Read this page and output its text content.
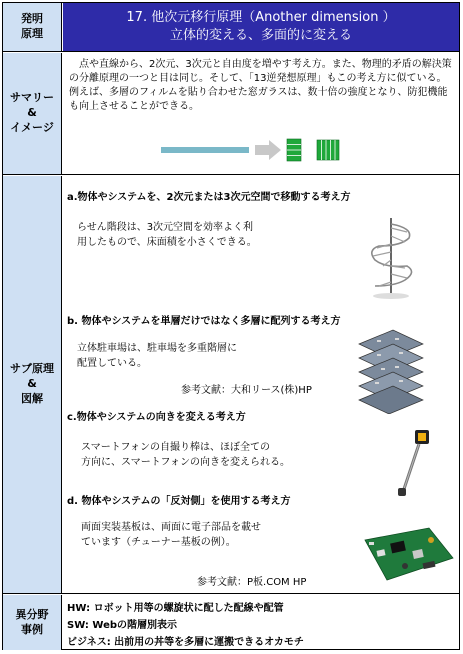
発明
原理
17. 他次元移行原理（Another dimension ）
立体的変える、多面的に変える
サマリー
&
イメージ
点や直線から、2次元、3次元と自由度を増やす考え方。また、物理的矛盾の解決策の分離原理の一つと目は同じ。そして、「13逆発想原理」もこの考え方に似ている。例えば、多層のフィルムを貼り合わせた窓ガラスは、数十倍の強度となり、防犯機能も向上させることができる。
サブ原理
&
図解
a.物体やシステムを、2次元または3次元空間で移動する考え方
らせん階段は、3次元空間を効率よく利
用したもので、床面積を小さくできる。
b. 物体やシステムを単層だけではなく多層に配列する考え方
立体駐車場は、駐車場を多重階層に
配置している。
参考文献：大和リース(株)HP
c.物体やシステムの向きを変える考え方
スマートフォンの自撮り棒は、ほぼ全ての
方向に、スマートフォンの向きを変えられる。
d. 物体やシステムの「反対側」を使用する考え方
両面実装基板は、両面に電子部品を載せ
ています（チューナー基板の例）。
参考文献：P板.COM HP
異分野
事例
HW: ロボット用等の螺旋状に配した配線や配管
SW: Webの階層別表示
ビジネス: 出前用の丼等を多層に運搬できるオカモチ
